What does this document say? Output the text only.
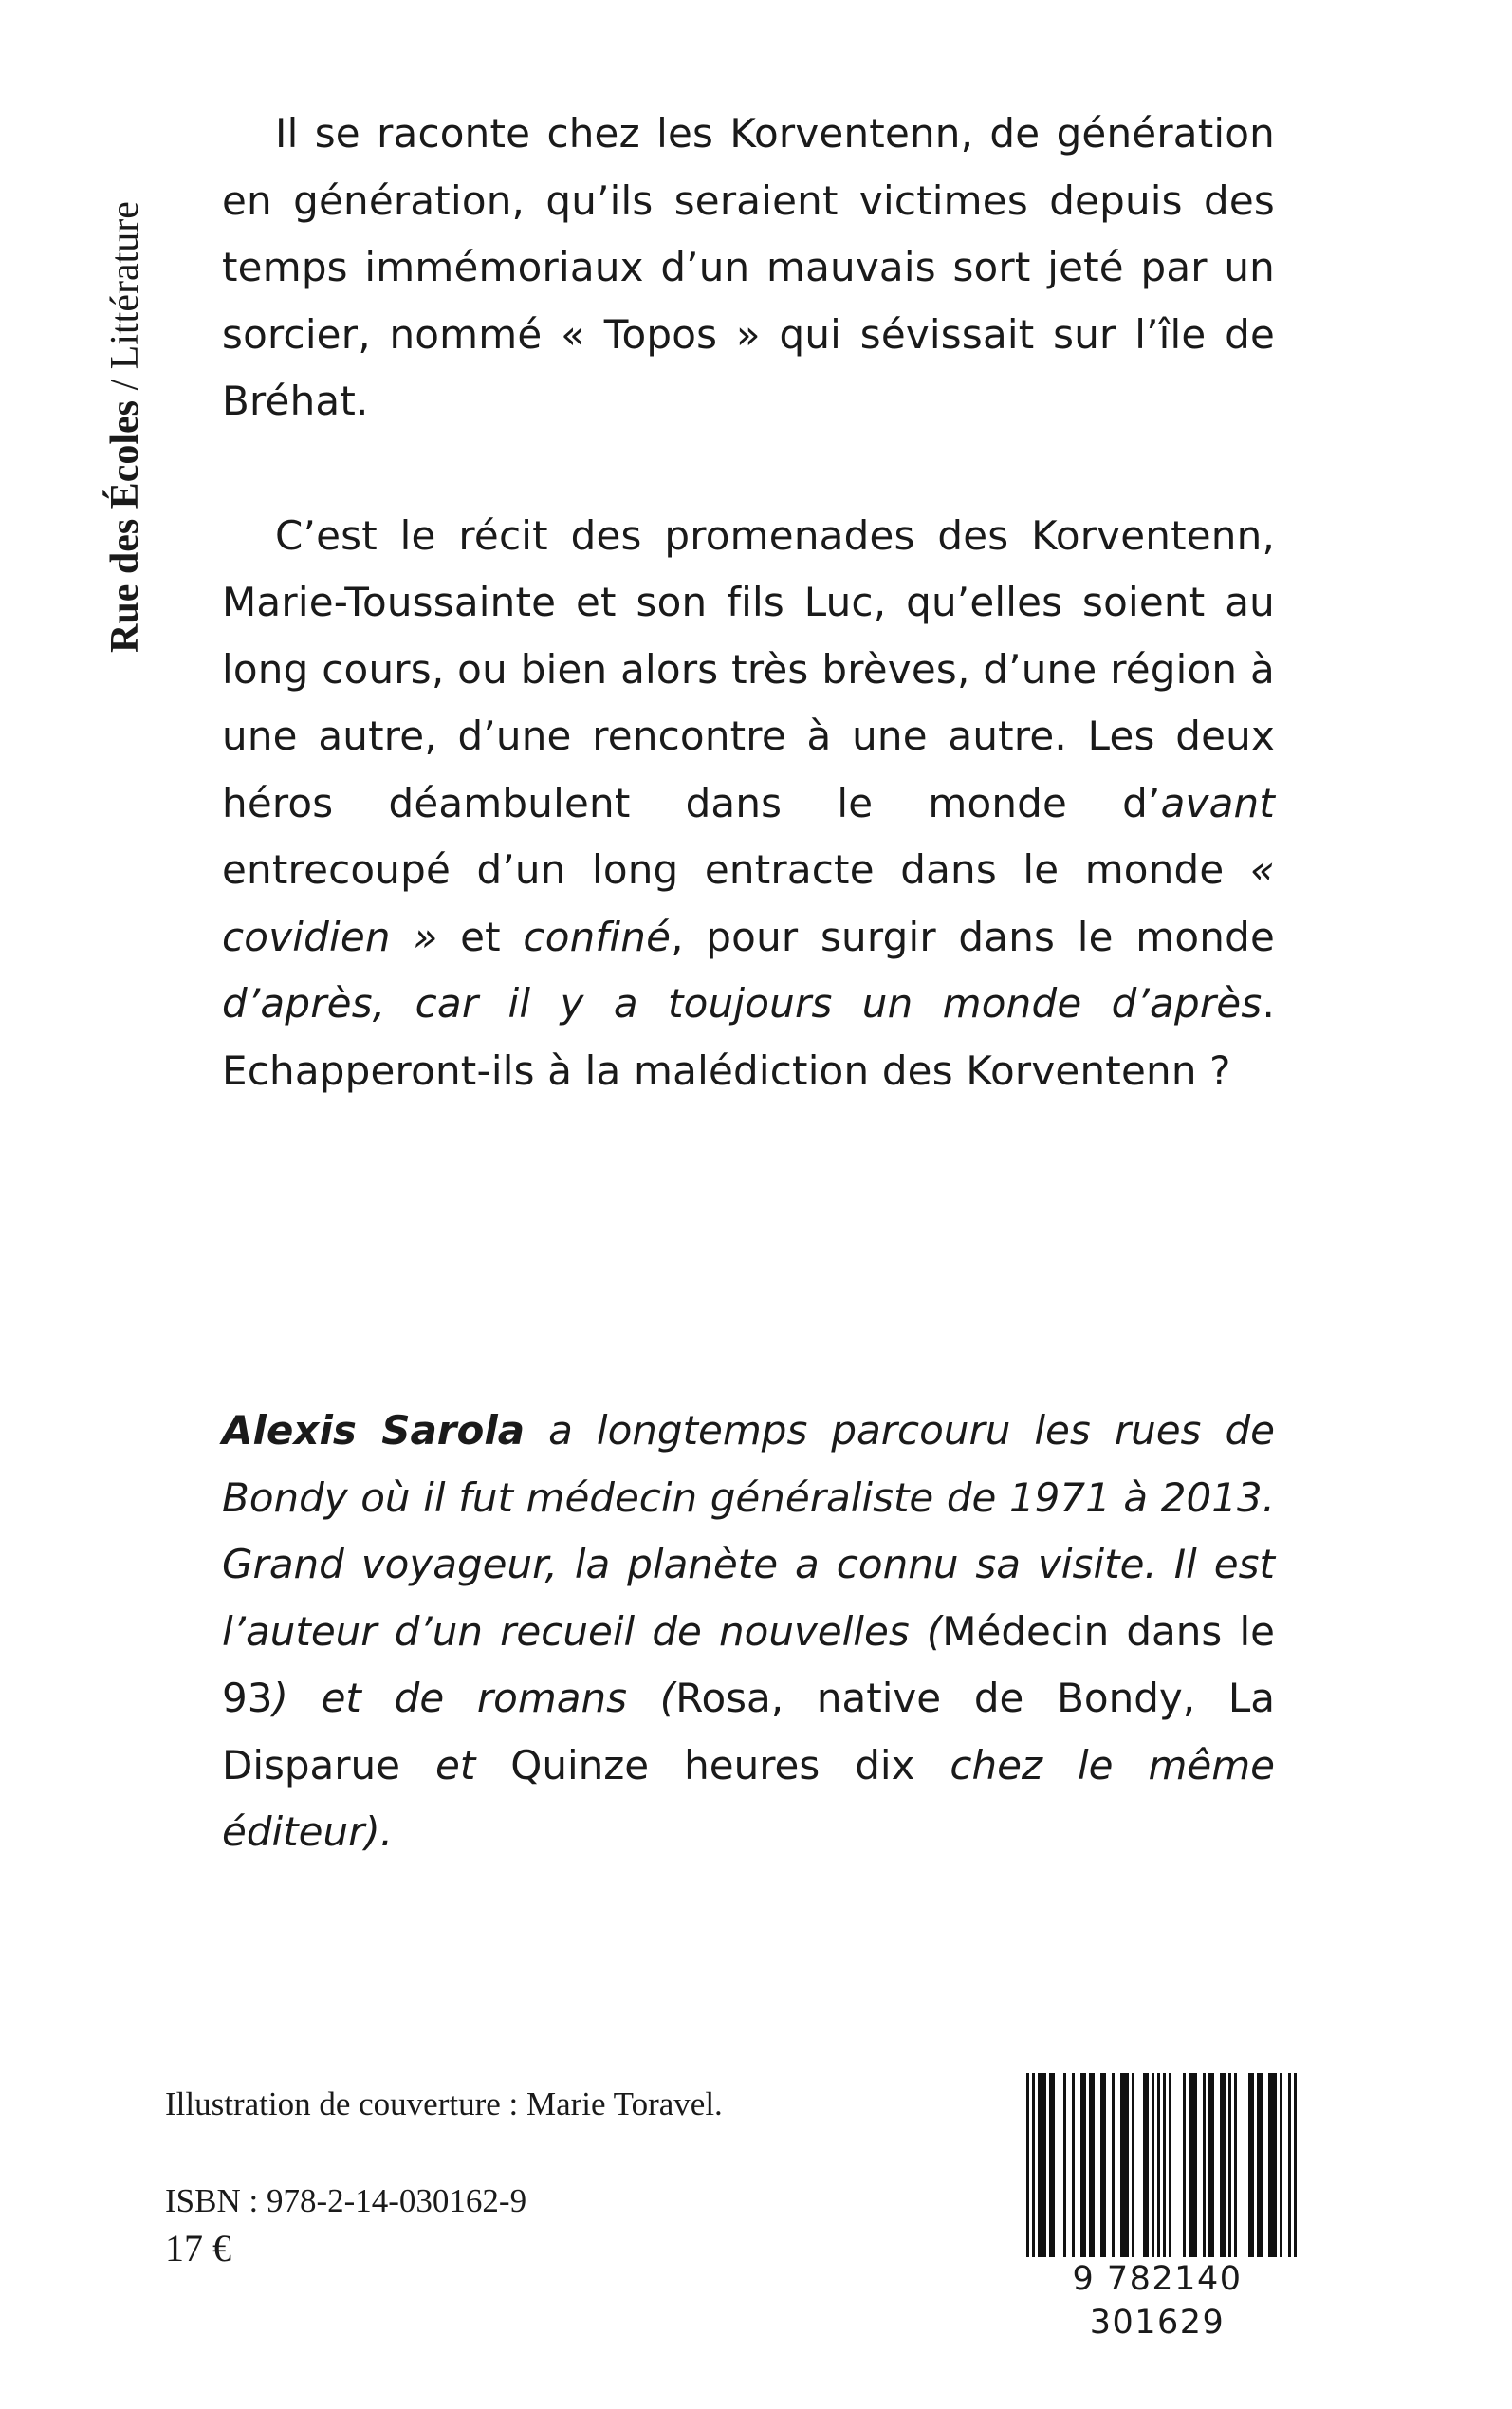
Rue des Écoles / Littérature

Il se raconte chez les Korventenn, de génération en génération, qu’ils seraient victimes depuis des temps immémoriaux d’un mauvais sort jeté par un sorcier, nommé « Topos » qui sévissait sur l’île de Bréhat.

C’est le récit des promenades des Korventenn, Marie-Toussainte et son fils Luc, qu’elles soient au long cours, ou bien alors très brèves, d’une région à une autre, d’une rencontre à une autre. Les deux héros déambulent dans le monde d’avant entrecoupé d’un long entracte dans le monde « covidien » et confiné, pour surgir dans le monde d’après, car il y a toujours un monde d’après. Echapperont-ils à la malédiction des Korventenn ?

Alexis Sarola a longtemps parcouru les rues de Bondy où il fut médecin généraliste de 1971 à 2013. Grand voyageur, la planète a connu sa visite. Il est l’auteur d’un recueil de nouvelles (Médecin dans le 93) et de romans (Rosa, native de Bondy, La Disparue et Quinze heures dix chez le même éditeur).

Illustration de couverture : Marie Toravel.
ISBN : 978-2-14-030162-9
17 €
9 782140 301629
